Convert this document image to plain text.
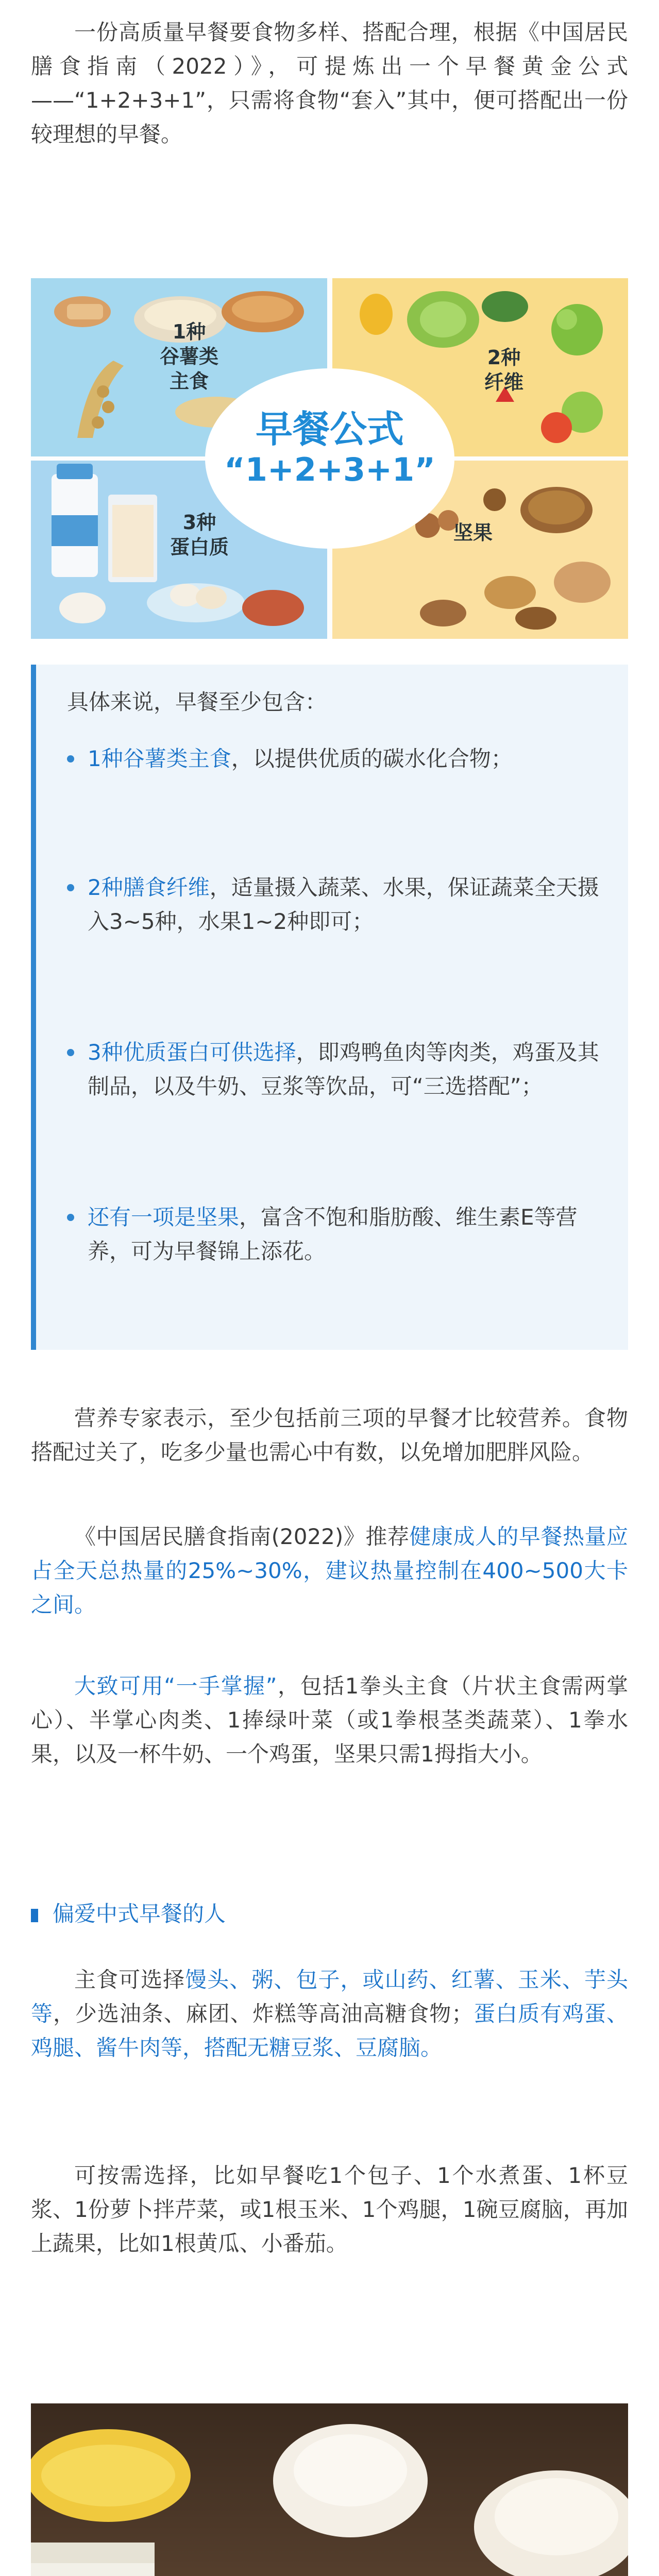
一份高质量早餐要食物多样、搭配合理，根据《中国居民膳食指南（2022）》，可提炼出一个早餐黄金公式——“1+2+3+1”，只需将食物“套入”其中，便可搭配出一份较理想的早餐。

早餐公式
“1+2+3+1”
1种
谷薯类
主食
2种
纤维
3种
蛋白质
坚果
具体来说，早餐至少包含：
1种谷薯类主食，以提供优质的碳水化合物；
2种膳食纤维，适量摄入蔬菜、水果，保证蔬菜全天摄入3~5种，水果1~2种即可；
3种优质蛋白可供选择，即鸡鸭鱼肉等肉类，鸡蛋及其制品，以及牛奶、豆浆等饮品，可“三选搭配”；
还有一项是坚果，富含不饱和脂肪酸、维生素E等营养，可为早餐锦上添花。

营养专家表示，至少包括前三项的早餐才比较营养。食物搭配过关了，吃多少量也需心中有数，以免增加肥胖风险。

《中国居民膳食指南(2022)》推荐健康成人的早餐热量应占全天总热量的25%~30%，建议热量控制在400~500大卡之间。

大致可用“一手掌握”，包括1拳头主食（片状主食需两掌心）、半掌心肉类、1捧绿叶菜（或1拳根茎类蔬菜）、1拳水果，以及一杯牛奶、一个鸡蛋，坚果只需1拇指大小。

偏爱中式早餐的人

主食可选择馒头、粥、包子，或山药、红薯、玉米、芋头等，少选油条、麻团、炸糕等高油高糖食物；蛋白质有鸡蛋、鸡腿、酱牛肉等，搭配无糖豆浆、豆腐脑。

可按需选择，比如早餐吃1个包子、1个水煮蛋、1杯豆浆、1份萝卜拌芹菜，或1根玉米、1个鸡腿，1碗豆腐脑，再加上蔬果，比如1根黄瓜、小番茄。
